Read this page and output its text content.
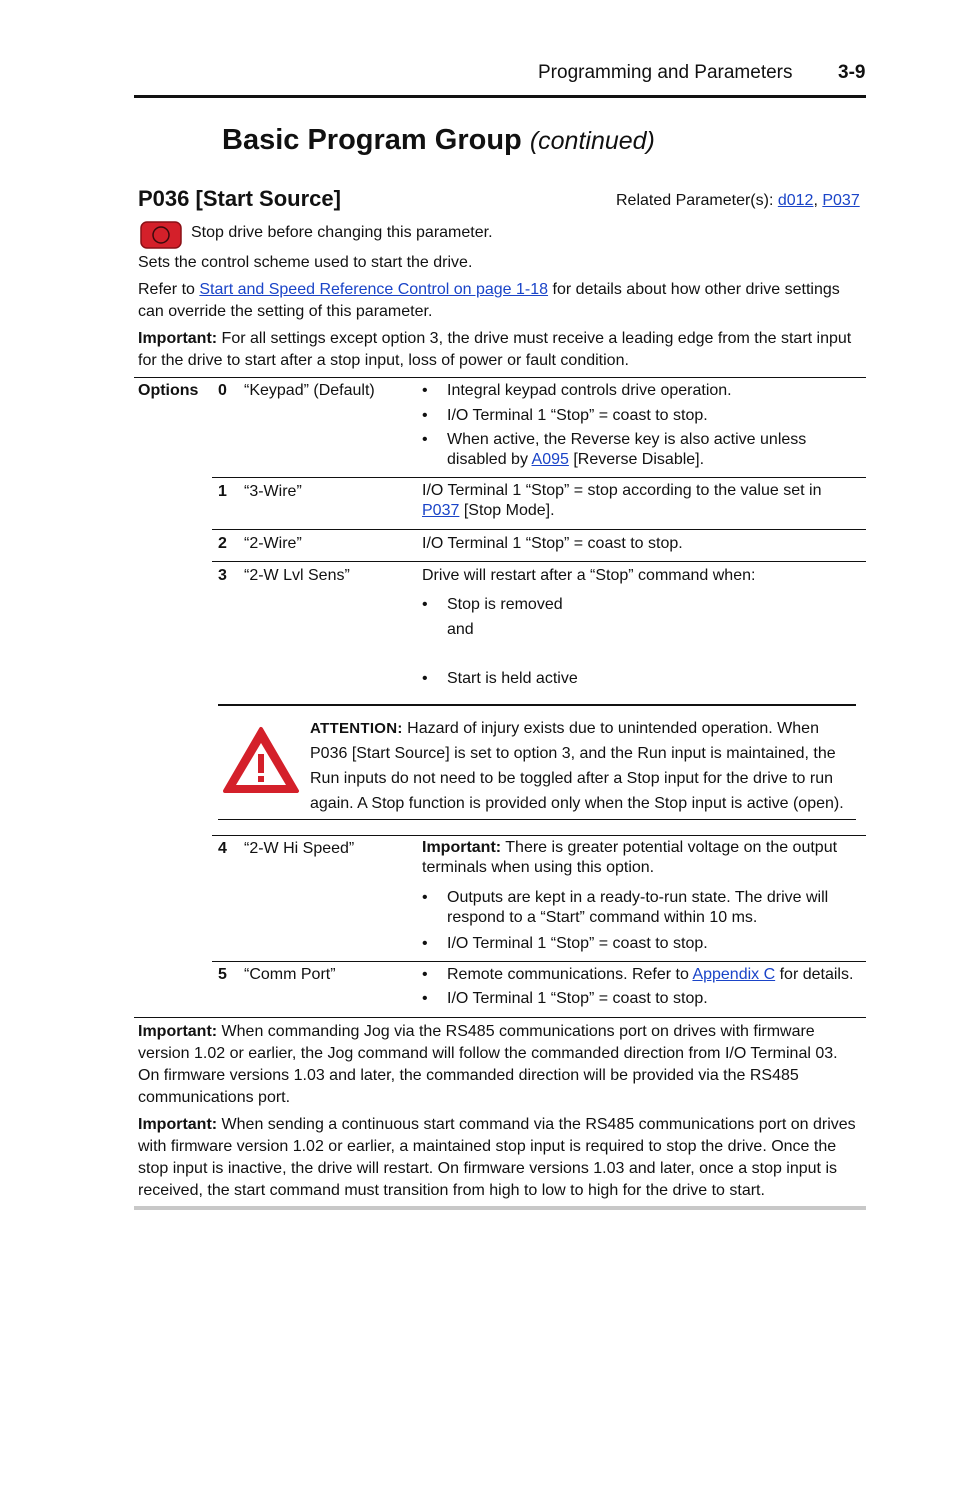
Programming and Parameters 3-9
Basic Program Group (continued)
P036 [Start Source]	Related Parameter(s): d012, P037
Stop drive before changing this parameter.
Sets the control scheme used to start the drive.
Refer to Start and Speed Reference Control on page 1-18 for details about how other drive settings can override the setting of this parameter.
Important: For all settings except option 3, the drive must receive a leading edge from the start input for the drive to start after a stop input, loss of power or fault condition.
Options 0 “Keypad” (Default)	• Integral keypad controls drive operation.
• I/O Terminal 1 “Stop” = coast to stop.
• When active, the Reverse key is also active unless disabled by A095 [Reverse Disable].
1 “3-Wire”	I/O Terminal 1 “Stop” = stop according to the value set in P037 [Stop Mode].
2 “2-Wire”	I/O Terminal 1 “Stop” = coast to stop.
3 “2-W Lvl Sens”	Drive will restart after a “Stop” command when:
• Stop is removed
and
• Start is held active
ATTENTION: Hazard of injury exists due to unintended operation. When P036 [Start Source] is set to option 3, and the Run input is maintained, the Run inputs do not need to be toggled after a Stop input for the drive to run again. A Stop function is provided only when the Stop input is active (open).
4 “2-W Hi Speed”	Important: There is greater potential voltage on the output terminals when using this option.
• Outputs are kept in a ready-to-run state. The drive will respond to a “Start” command within 10 ms.
• I/O Terminal 1 “Stop” = coast to stop.
5 “Comm Port”	• Remote communications. Refer to Appendix C for details.
• I/O Terminal 1 “Stop” = coast to stop.
Important: When commanding Jog via the RS485 communications port on drives with firmware version 1.02 or earlier, the Jog command will follow the commanded direction from I/O Terminal 03. On firmware versions 1.03 and later, the commanded direction will be provided via the RS485 communications port.
Important: When sending a continuous start command via the RS485 communications port on drives with firmware version 1.02 or earlier, a maintained stop input is required to stop the drive. Once the stop input is inactive, the drive will restart. On firmware versions 1.03 and later, once a stop input is received, the start command must transition from high to low to high for the drive to start.
